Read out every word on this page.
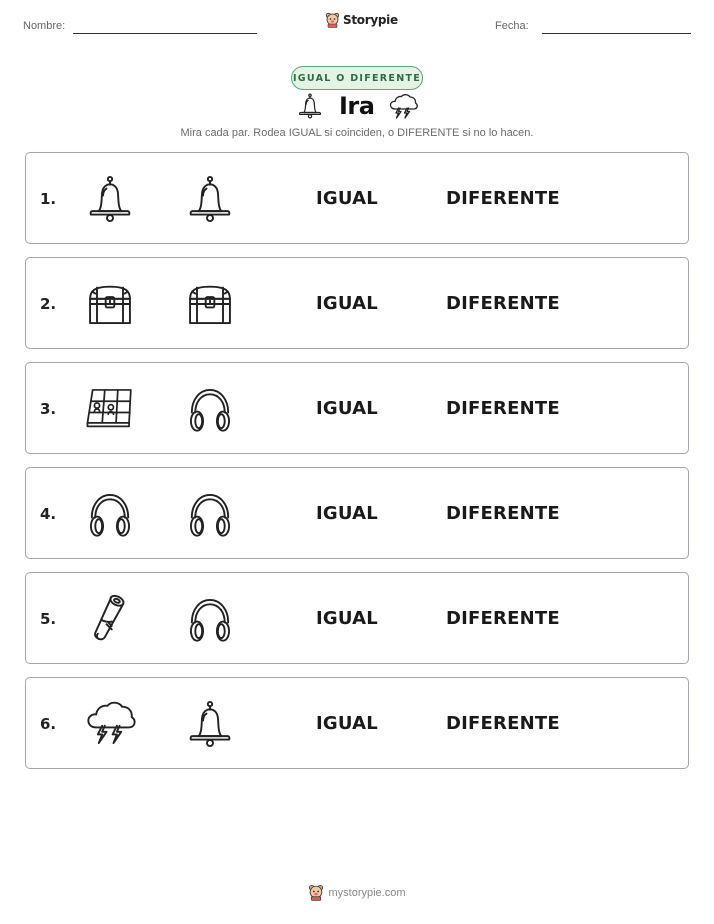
Nombre:	Storypie	Fecha:
IGUAL O DIFERENTE
Ira
Mira cada par. Rodea IGUAL si coinciden, o DIFERENTE si no lo hacen.
1.	IGUAL	DIFERENTE
2.	IGUAL	DIFERENTE
3.	IGUAL	DIFERENTE
4.	IGUAL	DIFERENTE
5.	IGUAL	DIFERENTE
6.	IGUAL	DIFERENTE
mystorypie.com
